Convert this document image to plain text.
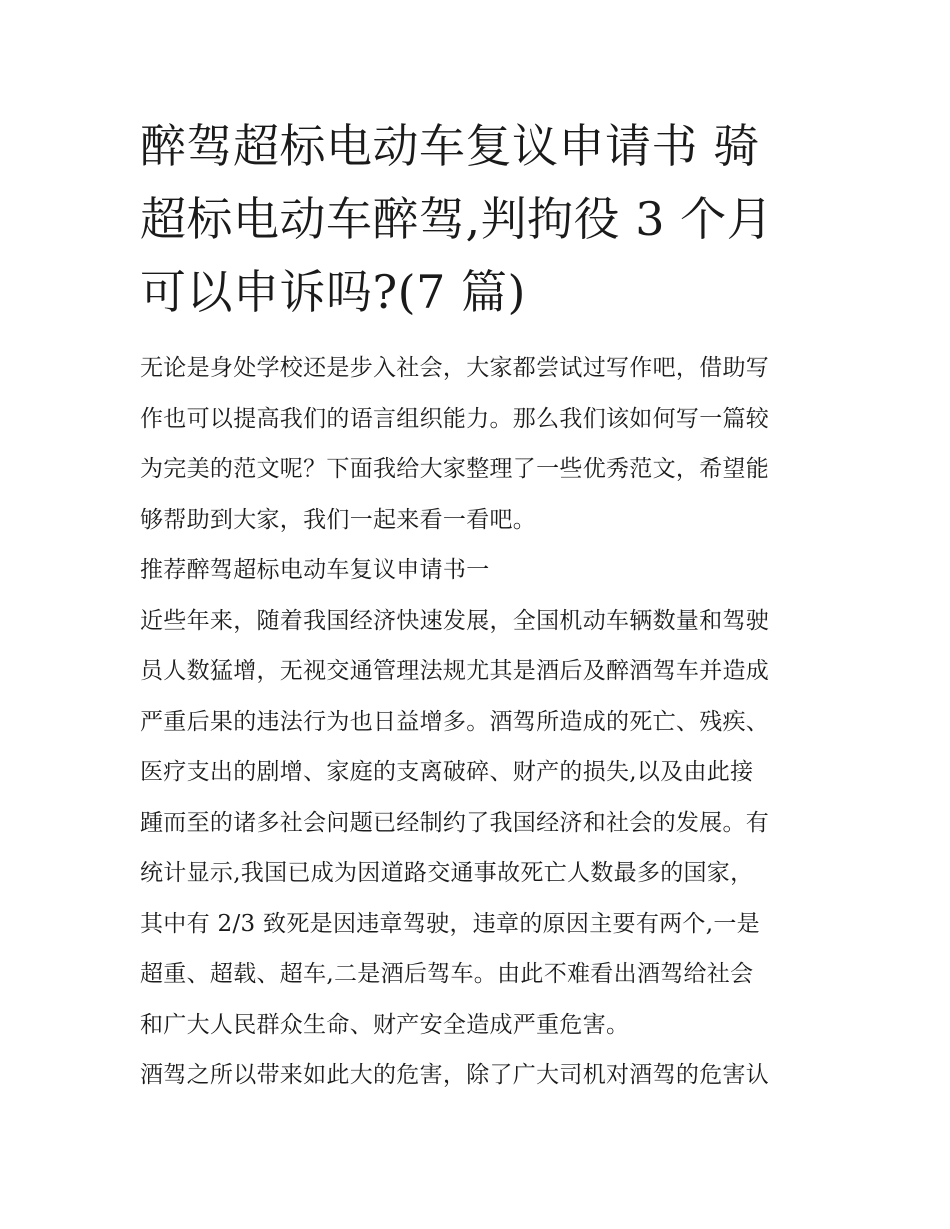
醉驾超标电动车复议申请书 骑
超标电动车醉驾,判拘役 3 个月
可以申诉吗?(7 篇)
无论是身处学校还是步入社会，大家都尝试过写作吧，借助写
作也可以提高我们的语言组织能力。那么我们该如何写一篇较
为完美的范文呢？下面我给大家整理了一些优秀范文，希望能
够帮助到大家，我们一起来看一看吧。
推荐醉驾超标电动车复议申请书一
近些年来，随着我国经济快速发展，全国机动车辆数量和驾驶
员人数猛增，无视交通管理法规尤其是酒后及醉酒驾车并造成
严重后果的违法行为也日益增多。酒驾所造成的死亡、残疾、
医疗支出的剧增、家庭的支离破碎、财产的损失,以及由此接
踵而至的诸多社会问题已经制约了我国经济和社会的发展。有
统计显示,我国已成为因道路交通事故死亡人数最多的国家，
其中有 2/3 致死是因违章驾驶，违章的原因主要有两个,一是
超重、超载、超车,二是酒后驾车。由此不难看出酒驾给社会
和广大人民群众生命、财产安全造成严重危害。
酒驾之所以带来如此大的危害，除了广大司机对酒驾的危害认
